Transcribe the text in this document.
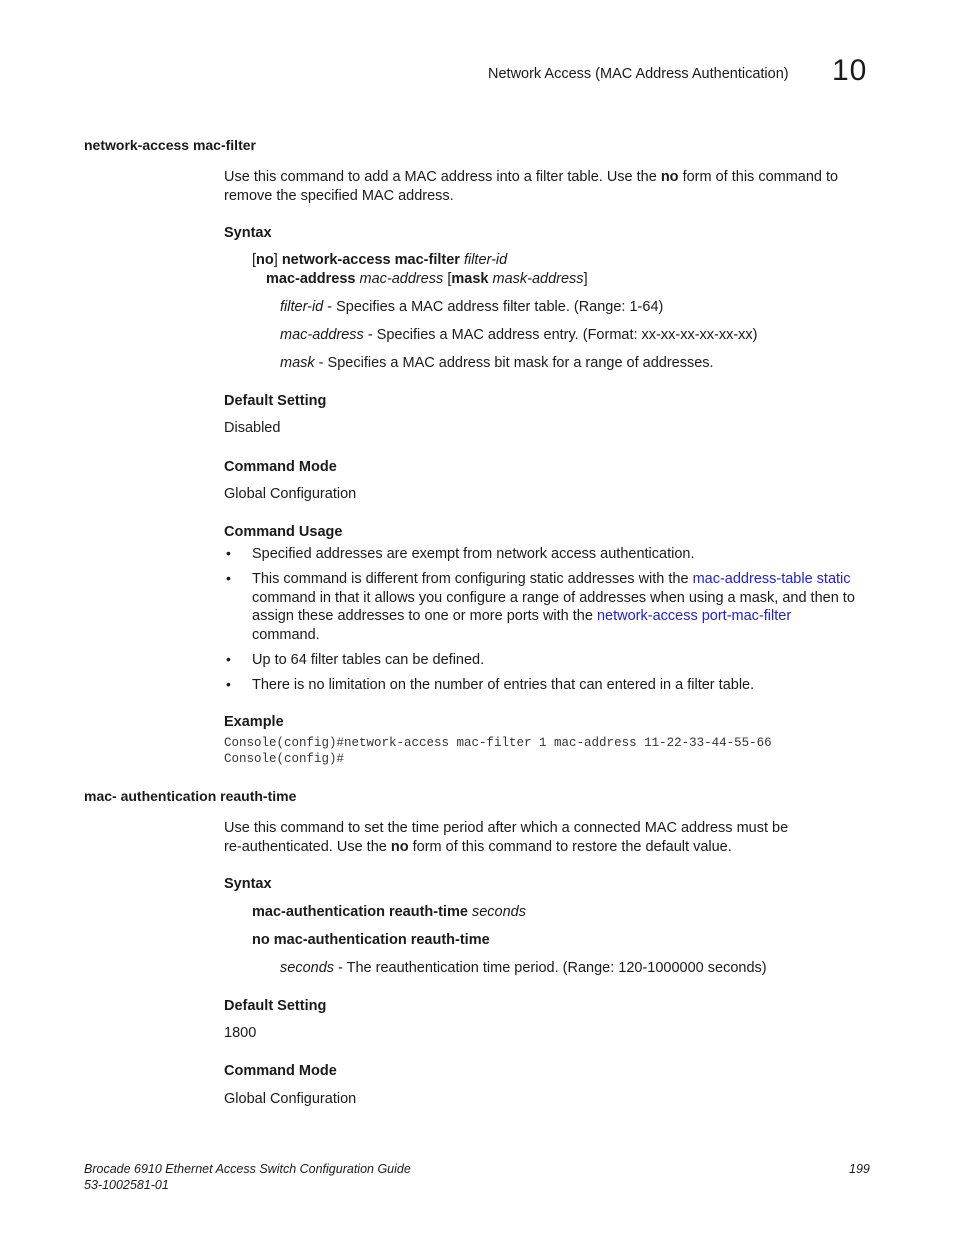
Network Access (MAC Address Authentication) 10
network-access mac-filter
Use this command to add a MAC address into a filter table. Use the no form of this command to
remove the specified MAC address.
Syntax
[no] network-access mac-filter filter-id
mac-address mac-address [mask mask-address]
filter-id - Specifies a MAC address filter table. (Range: 1-64)
mac-address - Specifies a MAC address entry. (Format: xx-xx-xx-xx-xx-xx)
mask - Specifies a MAC address bit mask for a range of addresses.
Default Setting
Disabled
Command Mode
Global Configuration
Command Usage
• Specified addresses are exempt from network access authentication.
• This command is different from configuring static addresses with the mac-address-table static
command in that it allows you configure a range of addresses when using a mask, and then to
assign these addresses to one or more ports with the network-access port-mac-filter
command.
• Up to 64 filter tables can be defined.
• There is no limitation on the number of entries that can entered in a filter table.
Example
Console(config)#network-access mac-filter 1 mac-address 11-22-33-44-55-66
Console(config)#
mac- authentication reauth-time
Use this command to set the time period after which a connected MAC address must be
re-authenticated. Use the no form of this command to restore the default value.
Syntax
mac-authentication reauth-time seconds
no mac-authentication reauth-time
seconds - The reauthentication time period. (Range: 120-1000000 seconds)
Default Setting
1800
Command Mode
Global Configuration
Brocade 6910 Ethernet Access Switch Configuration Guide
53-1002581-01
199
